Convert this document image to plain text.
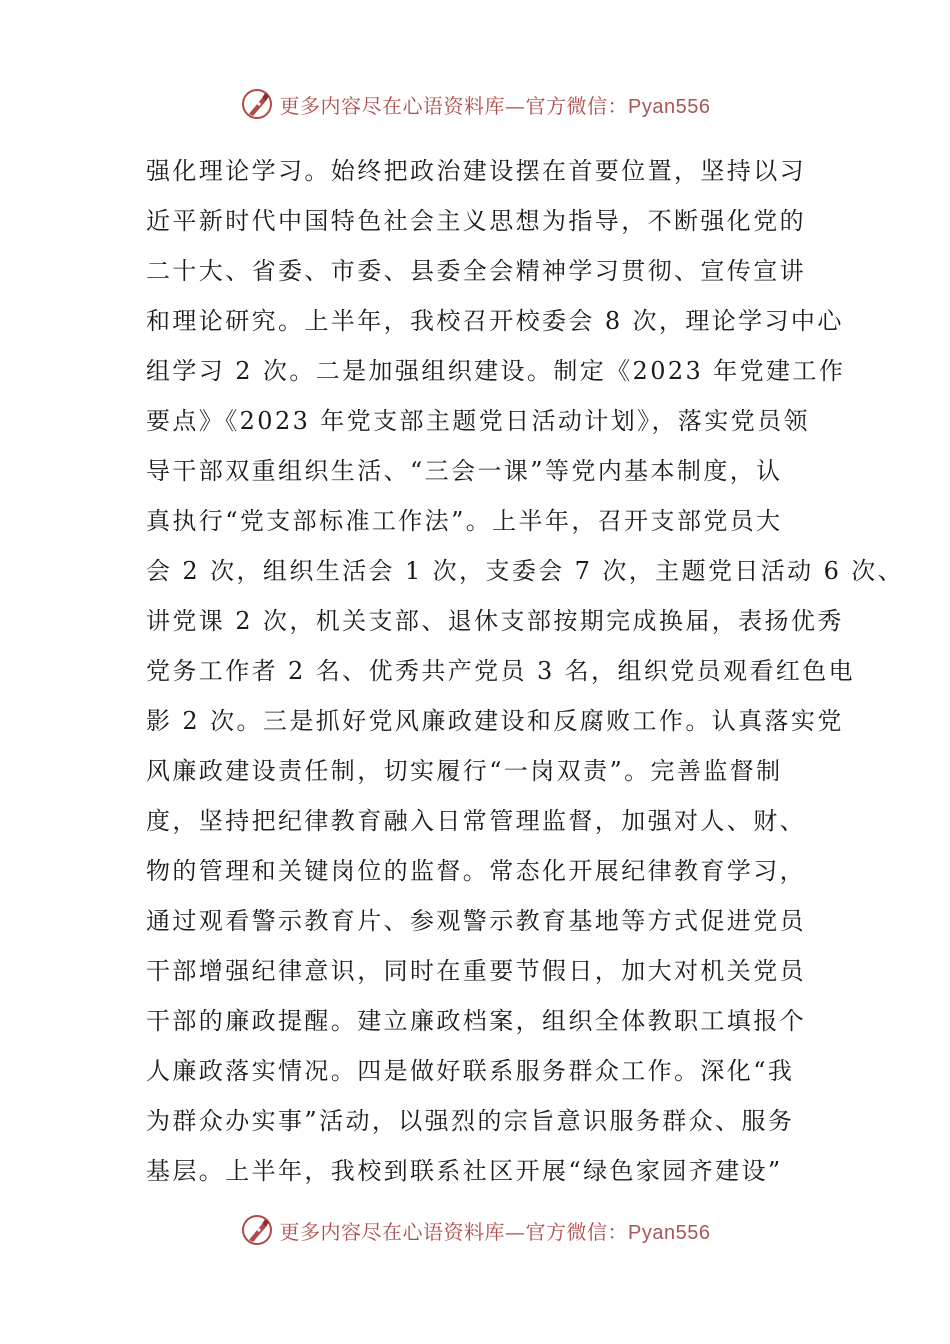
更多内容尽在心语资料库—官方微信：Pyan556
强化理论学习。始终把政治建设摆在首要位置，坚持以习
近平新时代中国特色社会主义思想为指导，不断强化党的
二十大、省委、市委、县委全会精神学习贯彻、宣传宣讲
和理论研究。上半年，我校召开校委会 8 次，理论学习中心
组学习 2 次。二是加强组织建设。制定《2023 年党建工作
要点》《2023 年党支部主题党日活动计划》，落实党员领
导干部双重组织生活、“三会一课”等党内基本制度，认
真执行“党支部标准工作法”。上半年，召开支部党员大
会 2 次，组织生活会 1 次，支委会 7 次，主题党日活动 6 次、
讲党课 2 次，机关支部、退休支部按期完成换届，表扬优秀
党务工作者 2 名、优秀共产党员 3 名，组织党员观看红色电
影 2 次。三是抓好党风廉政建设和反腐败工作。认真落实党
风廉政建设责任制，切实履行“一岗双责”。完善监督制
度，坚持把纪律教育融入日常管理监督，加强对人、财、
物的管理和关键岗位的监督。常态化开展纪律教育学习，
通过观看警示教育片、参观警示教育基地等方式促进党员
干部增强纪律意识，同时在重要节假日，加大对机关党员
干部的廉政提醒。建立廉政档案，组织全体教职工填报个
人廉政落实情况。四是做好联系服务群众工作。深化“我
为群众办实事”活动，以强烈的宗旨意识服务群众、服务
基层。上半年，我校到联系社区开展“绿色家园齐建设”
更多内容尽在心语资料库—官方微信：Pyan556
